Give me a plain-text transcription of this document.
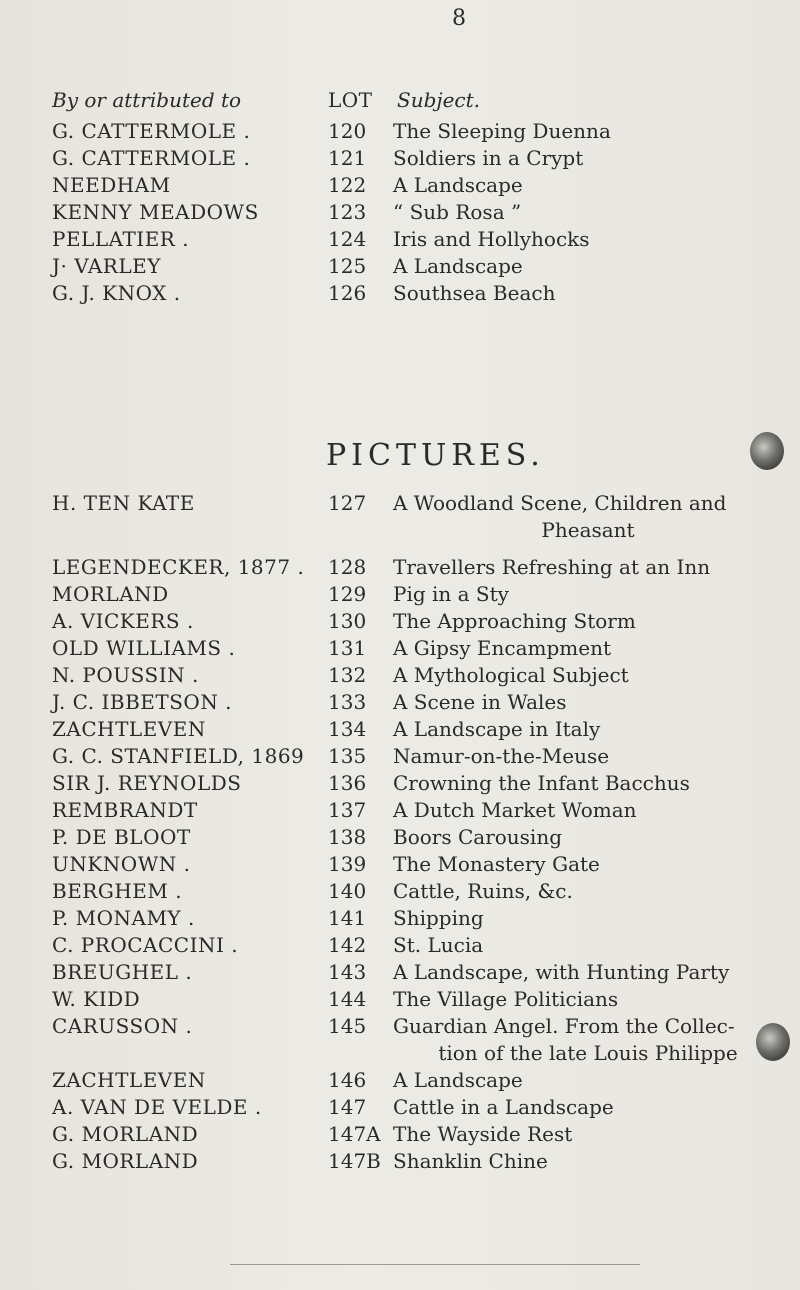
8
By or attributed to	LOT Subject.
G. CATTERMOLE .	120 The Sleeping Duenna
G. CATTERMOLE .	121 Soldiers in a Crypt
NEEDHAM	122 A Landscape
KENNY MEADOWS	123 “ Sub Rosa ”
PELLATIER .	124 Iris and Hollyhocks
J· VARLEY	125 A Landscape
G. J. KNOX .	126 Southsea Beach
PICTURES.
H. TEN KATE	127 A Woodland Scene, Children and
Pheasant
LEGENDECKER, 1877 . 128 Travellers Refreshing at an Inn
MORLAND	129 Pig in a Sty
A. VICKERS .	130 The Approaching Storm
OLD WILLIAMS .	131 A Gipsy Encampment
N. POUSSIN .	132 A Mythological Subject
J. C. IBBETSON .	133 A Scene in Wales
ZACHTLEVEN	134 A Landscape in Italy
G. C. STANFIELD, 1869 135 Namur-on-the-Meuse
SIR J. REYNOLDS	136 Crowning the Infant Bacchus
REMBRANDT	137 A Dutch Market Woman
P. DE BLOOT	138 Boors Carousing
UNKNOWN .	139 The Monastery Gate
BERGHEM .	140 Cattle, Ruins, &c.
P. MONAMY .	141 Shipping
C. PROCACCINI .	142 St. Lucia
BREUGHEL .	143 A Landscape, with Hunting Party
W. KIDD	144 The Village Politicians
CARUSSON .	145 Guardian Angel. From the Collec-
tion of the late Louis Philippe
ZACHTLEVEN	146 A Landscape
A. VAN DE VELDE .	147 Cattle in a Landscape
G. MORLAND	147A The Wayside Rest
G. MORLAND	147B Shanklin Chine
